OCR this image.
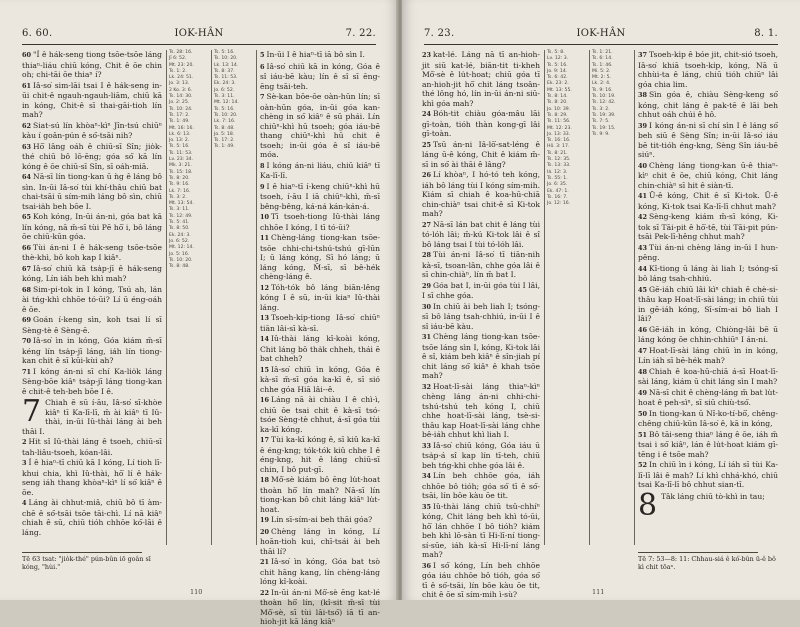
6. 60.	IOK-HÂN	7. 22.
60 "Í ê hák-seng tiong tsōe-tsōe láng thiaⁿ-liáu chiū kóng, Chit ê ōe chin oh; chi-tāi ōe thiaⁿ í?
61 Iâ-so͘ sim-lāi tsai I ê hák-seng in-ūi chit-ê ngauh-ngauh-liām, chiū kā in kóng, Chit-ê sī thai-gāi-tioh lín mah?
62 Siat-sú lín khòaⁿ-kìⁿ Jîn-tsú chiūⁿ kàu í goân-pún ê só͘-tsāi nih?
63 Hō͘ lâng oáh ê chiū-sī Sîn; jio̍k-thé chiū bô lō-ēng; góa só͘ kā lín kóng ê ōe chiū-sī Sîn, sī oáh-miā.
64 Nā-sī lín tiong-kan ū ǹg ê láng bô sìn. In-ūi Iâ-so͘ tùi khí-thâu chiū bat chai-tsāi ū sím-mih láng bô sìn, chiū tsai-ia̍h beh bōe I.
65 Koh kóng, In-ūi án-ni, góa bat kā lín kóng, nā m̄-sī tùi Pē hō͘ i, bô láng ōe chiū-kūn góa.
66 Tùi án-ni I ê hák-seng tsōe-tsōe thè-khì, bô koh kap I kiâⁿ.
67 Iâ-so͘ chiū kā tsa̍p-jī ê hák-seng kóng, Lín iáh beh khì mah?
68 Sim-pi-tok in I kóng, Tsú ah, lán ài tńg-khì chhōe tó-ūi? Lí ū éng-oáh ê ōe.
69 Goán í-keng sìn, koh tsai lí sī Sèng-tè ê Sèng-ē.
70 Iâ-so͘ ìn in kóng, Góa kiám m̄-sī kéng lín tsa̍p-jī láng, iáh lín tiong-kan chit ê sī kūi-kùi ah?
71 I kóng án-ni sī chí Ka-lio̍k láng Sèng-bōe kiâⁿ tsa̍p-jī láng tiong-kan ê chit-ê teh-beh bōe I ê.
7 Chiah ē sū í-āu, Iâ-so͘ sī-khòe kiâⁿ tī Ka-lī-lī, m̄ ài kiâⁿ tī Iû-thài, in-ūi Iû-thài láng ài beh thāi I.
2 Hit sî Iû-thài láng ê tsoeh, chiū-sī tah-liâu-tsoeh, kóan-lâi.
3 Í ê hiaⁿ-tī chiū kā I kóng, Lí tioh lī-khui chia, khì Iû-thài, hō͘ lí ê hák-seng iáh thang khòaⁿ-kìⁿ lí só͘ kiâⁿ ê ōe.
4 Láng ài chhut-miâ, chiū bô tī àm-chē ê só͘-tsāi tsōe tāi-chì. Lí nā kiâⁿ chiah ê sū, chiū tióh chhōe kó͘-lāi ê láng.
Ts. 28: 16.
Jī 6: 52.
Mt. 23: 20.
Ts. 1: 2.
Lk. 24: 51.
Jo. 3: 13.
2 Ko. 3: 6.
Ts. 14: 30.
Jo. 2: 25.
Ts. 10: 24.
Ts. 17: 2.
Ts. 1: 49.
Mt. 16: 16.
Lk. 6: 13.
Jo. 13: 2.
Ts. 5: 16.
Ts. 11: 53.
Lv. 23: 34.
Mk. 3: 21.
Ts. 15: 18.
Ts. 8: 20.
Ts. 9: 16.
Lk. 7: 16.
Ts. 3: 2.
Mt. 13: 54.
Ts. 3: 11.
Ts. 12: 49.
Ts. 5: 41.
Ts. 8: 50.
Ek. 24: 3.
Jo. 6: 52.
Mt. 12: 14.
Jo. 5: 16.
Ts. 10: 20.
Ts. 8: 48.
Ts. 5: 16.
Ts. 10: 20.
Lk. 13: 14.
Ts. 8: 37.
Ts. 11: 53.
Ek. 24: 3.
Jo. 6: 52.
Ts. 3: 11.
Mt. 12: 14.
Ts. 5: 16.
Ts. 10: 20.
Lk. 7: 16.
Ts. 8: 48.
Jo. 5: 18.
Ts. 17: 2.
Ts. 1: 49.
5 In-ūi I ê hiaⁿ-tī iā bô sìn I.
6 Iâ-so͘ chiū kā in kóng, Góa ê sî iáu-bē kàu; lín ê sî sī ēng-ēng tsāi-teh.
7 Sè-kan bōe-ōe oàn-hūn lín; sī oàn-hūn góa, in-ūi góa kan-chèng in só͘ kiâⁿ ê sū phái. Lín chiūⁿ-khì hū tsoeh; góa iáu-bē thang chiūⁿ-khì hū chit ê tsoeh; in-ūi góa ê sî iáu-bē móa.
8 I kóng án-ni liáu, chiū kiâⁿ tī Ka-lī-lī.
9 I ê hiaⁿ-tī í-keng chiūⁿ-khì hū tsoeh, í-āu I iā chiūⁿ-khì, m̄-sī bêng-bêng, ká-ná kán-kán-á.
10 Tī tsoeh-tiong Iû-thài láng chhōe I kóng, I tī tó-ūi?
11 Chèng-láng tiong-kan tsōe-tsōe chhi-chi-tshú-tshú gī-lūn I; ū láng kóng, Sī hó láng; ū láng kóng, M̄-sī, sī bê-hék chèng-láng ê.
12 Tóh-tók bô láng biān-lêng kóng I ê sū, in-ūi kiaⁿ Iû-thài láng.
13 Tsoeh-ki̍p-tiong Iâ-so͘ chiūⁿ tiān lâi-sī kà-sī.
14 Iû-thài láng kî-koài kóng, Chit láng bô tha̍k chheh, thái ē bat chheh?
15 Iâ-so͘ chiū ìn kóng, Góa ê kà-sī m̄-sī góa ka-kī ê, sī sió chhe góa Hiā lâi--ê.
16 Láng nā ài chiàu I ê chì-ì, chiū ōe tsai chit ê kà-sī tsó-tsóe Sèng-tè chhut, á-sī góa tùi ka-kī kóng.
17 Tùi ka-kī kóng ê, sī kiû ka-kī ê éng-kng; tók-tók kiû chhe I ê éng-kng, hit ê láng chiū-sī chin, I bô put-gī.
18 Mô͘-sè kiám bô ēng lu̍t-hoat thoàn hō͘ lín mah? Nā-sī lín tiong-kan bô chit láng kiâⁿ lu̍t-hoat.
19 Lín sī-sím-ai beh thāi góa?
20 Chèng láng ìn kóng, Lí hoān-tioh kui, chī-tsái ài beh thāi lí?
21 Iâ-so͘ ìn kóng, Góa bat tsò chit hāng kang, lín chèng-láng lóng kî-koài.
22 In-ūi án-ni Mô͘-sè ēng kat-lé thoàn hō͘ lín, (kî-sit m̄-sī tùi Mô͘-sè, sī tùi lâi-tsó͘) iā tī an-hioh-jit kā láng kiâⁿ
Tē 63 tsat: "jio̍k-thé" pún-bûn iō goân sī kóng, "hùi."
110
7. 23.	IOK-HÂN	8. 1.
23 kat-lé. Láng nā tī an-hioh-jit siū kat-lé, biān-tit ti-kheh Mô͘-sè ê lu̍t-hoat; chiū góa tī an-hioh-jit hō͘ chit láng tsoân-thé lông hó, lín in-ūi án-ni siū-khì góa mah?
24 Bóh-tit chiàu góa-mâu lāi gī-toàn, tióh thàn kong-gī lâi gī-toàn.
25 Tsū án-ni Iâ-lō͘-sat-léng ê láng ū-ê kóng, Chit ê kiám m̄-sī in só͘ ài thāi ê lâng?
26 Lí khòaⁿ, I hó-tó teh kóng, iáh bô láng tùi I kóng sím-mih. Kiám sī chiah ê koa-hū-chiā chin-chiàⁿ tsai chit-ê sī Ki-tok mah?
27 Nā-sī lán bat chit ê láng tùi tó-lóh lâi; m̄-kú Ki-tok lâi ê sî bô láng tsai I tùi tó-lóh lâi.
28 Tùi án-ni Iâ-so͘ tī tiān-nih kà-sī, tsoan-lân, chhe góa lâi ê sī chin-chiàⁿ, lín m̄ bat I.
29 Góa bat I, in-ūi góa tùi I lâi, I sī chhe góa.
30 In chiū ài beh liah I; tsóng-sī bô láng tsah-chhiú, in-ūi I ê sî iáu-bē kàu.
31 Chèng láng tiong-kan tsōe-tsōe láng sìn I, kóng, Ki-tok lâi ê sî, kiám beh kiâⁿ ê sîn-jiah pí chit láng só͘ kiâⁿ ê khah tsōe mah?
32 Hoat-lī-sài láng thiaⁿ-kìⁿ chèng láng án-ni chhi-chi-tshú-tshú teh kóng I, chiū chhe hoat-lī-sài láng, tsè-si-thâu kap Hoat-lī-sài láng chhe bê-iáh chhut khì liah I.
33 Iâ-so͘ chiū kóng, Góa iáu ū tsa̍p-á sî kap lín tī-teh, chiū beh tńg-khì chhe góa lâi ê.
34 Lín beh chhōe góa, iáh chhōe bô tióh; góa só͘ tī ê só͘-tsāi, lín bōe kàu ōe tit.
35 Iû-thài láng chiū tsû-chhíⁿ kóng, Chit láng beh khì tó-ūi, hō͘ lán chhōe I bô tióh? kiám beh khì lō-sàn tī Hi-lī-ní tiong-sí-sūe, iáh kà-sī Hi-lī-ní láng mah?
36 I só͘ kóng, Lín beh chhōe góa iáu chhōe bô tióh, góa só͘ tī ê só͘-tsāi, lín bōe kàu ōe tit, chit ê ōe sī sím-mih ì-sù?
Ts. 5: 8.
Lv. 12: 3.
Ts. 5: 16.
Jo. 9: 14.
Ts. 6: 42.
Ek. 23: 2.
Mt. 13: 55.
Ts. 8: 14.
Ts. 8: 20.
Jo. 10: 39.
Ts. 8: 29.
Ts. 11: 56.
Mt. 12: 23.
Jo. 13: 33.
Ts. 16: 16.
Hô. 3: 17.
Ts. 8: 21.
Ts. 12: 35.
Ts. 13: 33.
Iá. 12: 3.
Ts. 55: 1.
Jo. 6: 35.
Ek. 47: 1.
Ts. 16: 7.
Jo. 12: 16.
Ts. 1: 21.
Ts. 6: 14.
Ts. 1: 46.
Mi. 5: 2.
Mt. 2: 5.
Lk. 2: 4.
Ts. 9: 16.
Ts. 10: 19.
Ts. 12: 42.
Ts. 3: 2.
Ts. 19: 39.
Ts. 7: 5.
Ts. 19: 15.
Ts. 9: 9.
37 Tsoeh-ki̍p ê bóe jit, chit-sió tsoeh, Iâ-so͘ khiā tsoeh-ki̍p, kóng, Nā ū chhùi-ta ê láng, chiū tióh chiūⁿ lâi góa chia lim.
38 Sìn góa ê, chiàu Sèng-keng só͘ kóng, chit láng ê pak-tē ê lāi beh chhut oáh chúi ê hô.
39 I kóng án-ni sī chí sìn I ê láng só͘ beh siū ê Sèng Sîn; in-ūi Iâ-so͘ iáu bē tit-tióh éng-kng, Sèng Sîn iáu-bē siúⁿ.
40 Chèng láng tiong-kan ū-ê thiaⁿ-kìⁿ chit ê ōe, chiū kóng, Chit láng chin-chiàⁿ sī hit ê siàn-tī.
41 Ū-ê kóng, Chit ê sī Ki-tok. Ū-ê kóng, Ki-tok tsai Ka-lī-lī chhut mah?
42 Sèng-keng kiám m̄-sī kóng, Ki-tok sī Tāi-pit ê hō͘-tē, tùi Tāi-pit pún-tsāi Pek-lī-hêng chhut mah?
43 Tùi án-ni chèng láng in-ūi I hun-pêng.
44 Kî-tiong ū láng ài liah I; tsóng-sī bô láng tsah-chhiú.
45 Gē-iáh chiū lâi kìⁿ chiah ê chè-si-thâu kap Hoat-lī-sài láng; in chiū tùi in gē-iáh kóng, Sī-sím-ai bô liah I lâi?
46 Gē-iáh in kóng, Chiòng-lâi bē ū láng kóng ōe chhin-chhiūⁿ I án-ni.
47 Hoat-lī-sài láng chiū ìn in kóng, Lín iáh sī bē-hék mah?
48 Chiah ê koa-hū-chiā á-sī Hoat-lī-sài láng, kiám ū chit láng sìn I mah?
49 Nā-sī chit ê chèng-láng m̄ bat lu̍t-hoat ê peh-sìⁿ, sī siū chiù-tsó͘.
50 In tiong-kan ū Nî-ko-tí-bō͘, chêng-chêng chiū-kūn Iâ-so͘ ê, kā in kóng,
51 Bô tāi-seng thiaⁿ láng ê ōe, iáh m̄ tsai i só͘ kiâⁿ, lán ê lu̍t-hoat kiám gī-tēng i ê tsōe mah?
52 In chiū ìn i kóng, Lí iáh sī tùi Ka-lī-lī lâi ê mah? Lí khì chhá-khó, chiū tsai Ka-lī-lī bô chhut sian-tī.
8 Tâk láng chiū tò-khì in tau;
Tē 7: 53—8: 11: Chhau-siá ê kó͘-bûn ū-ê bô kì chit tōaⁿ.
111
